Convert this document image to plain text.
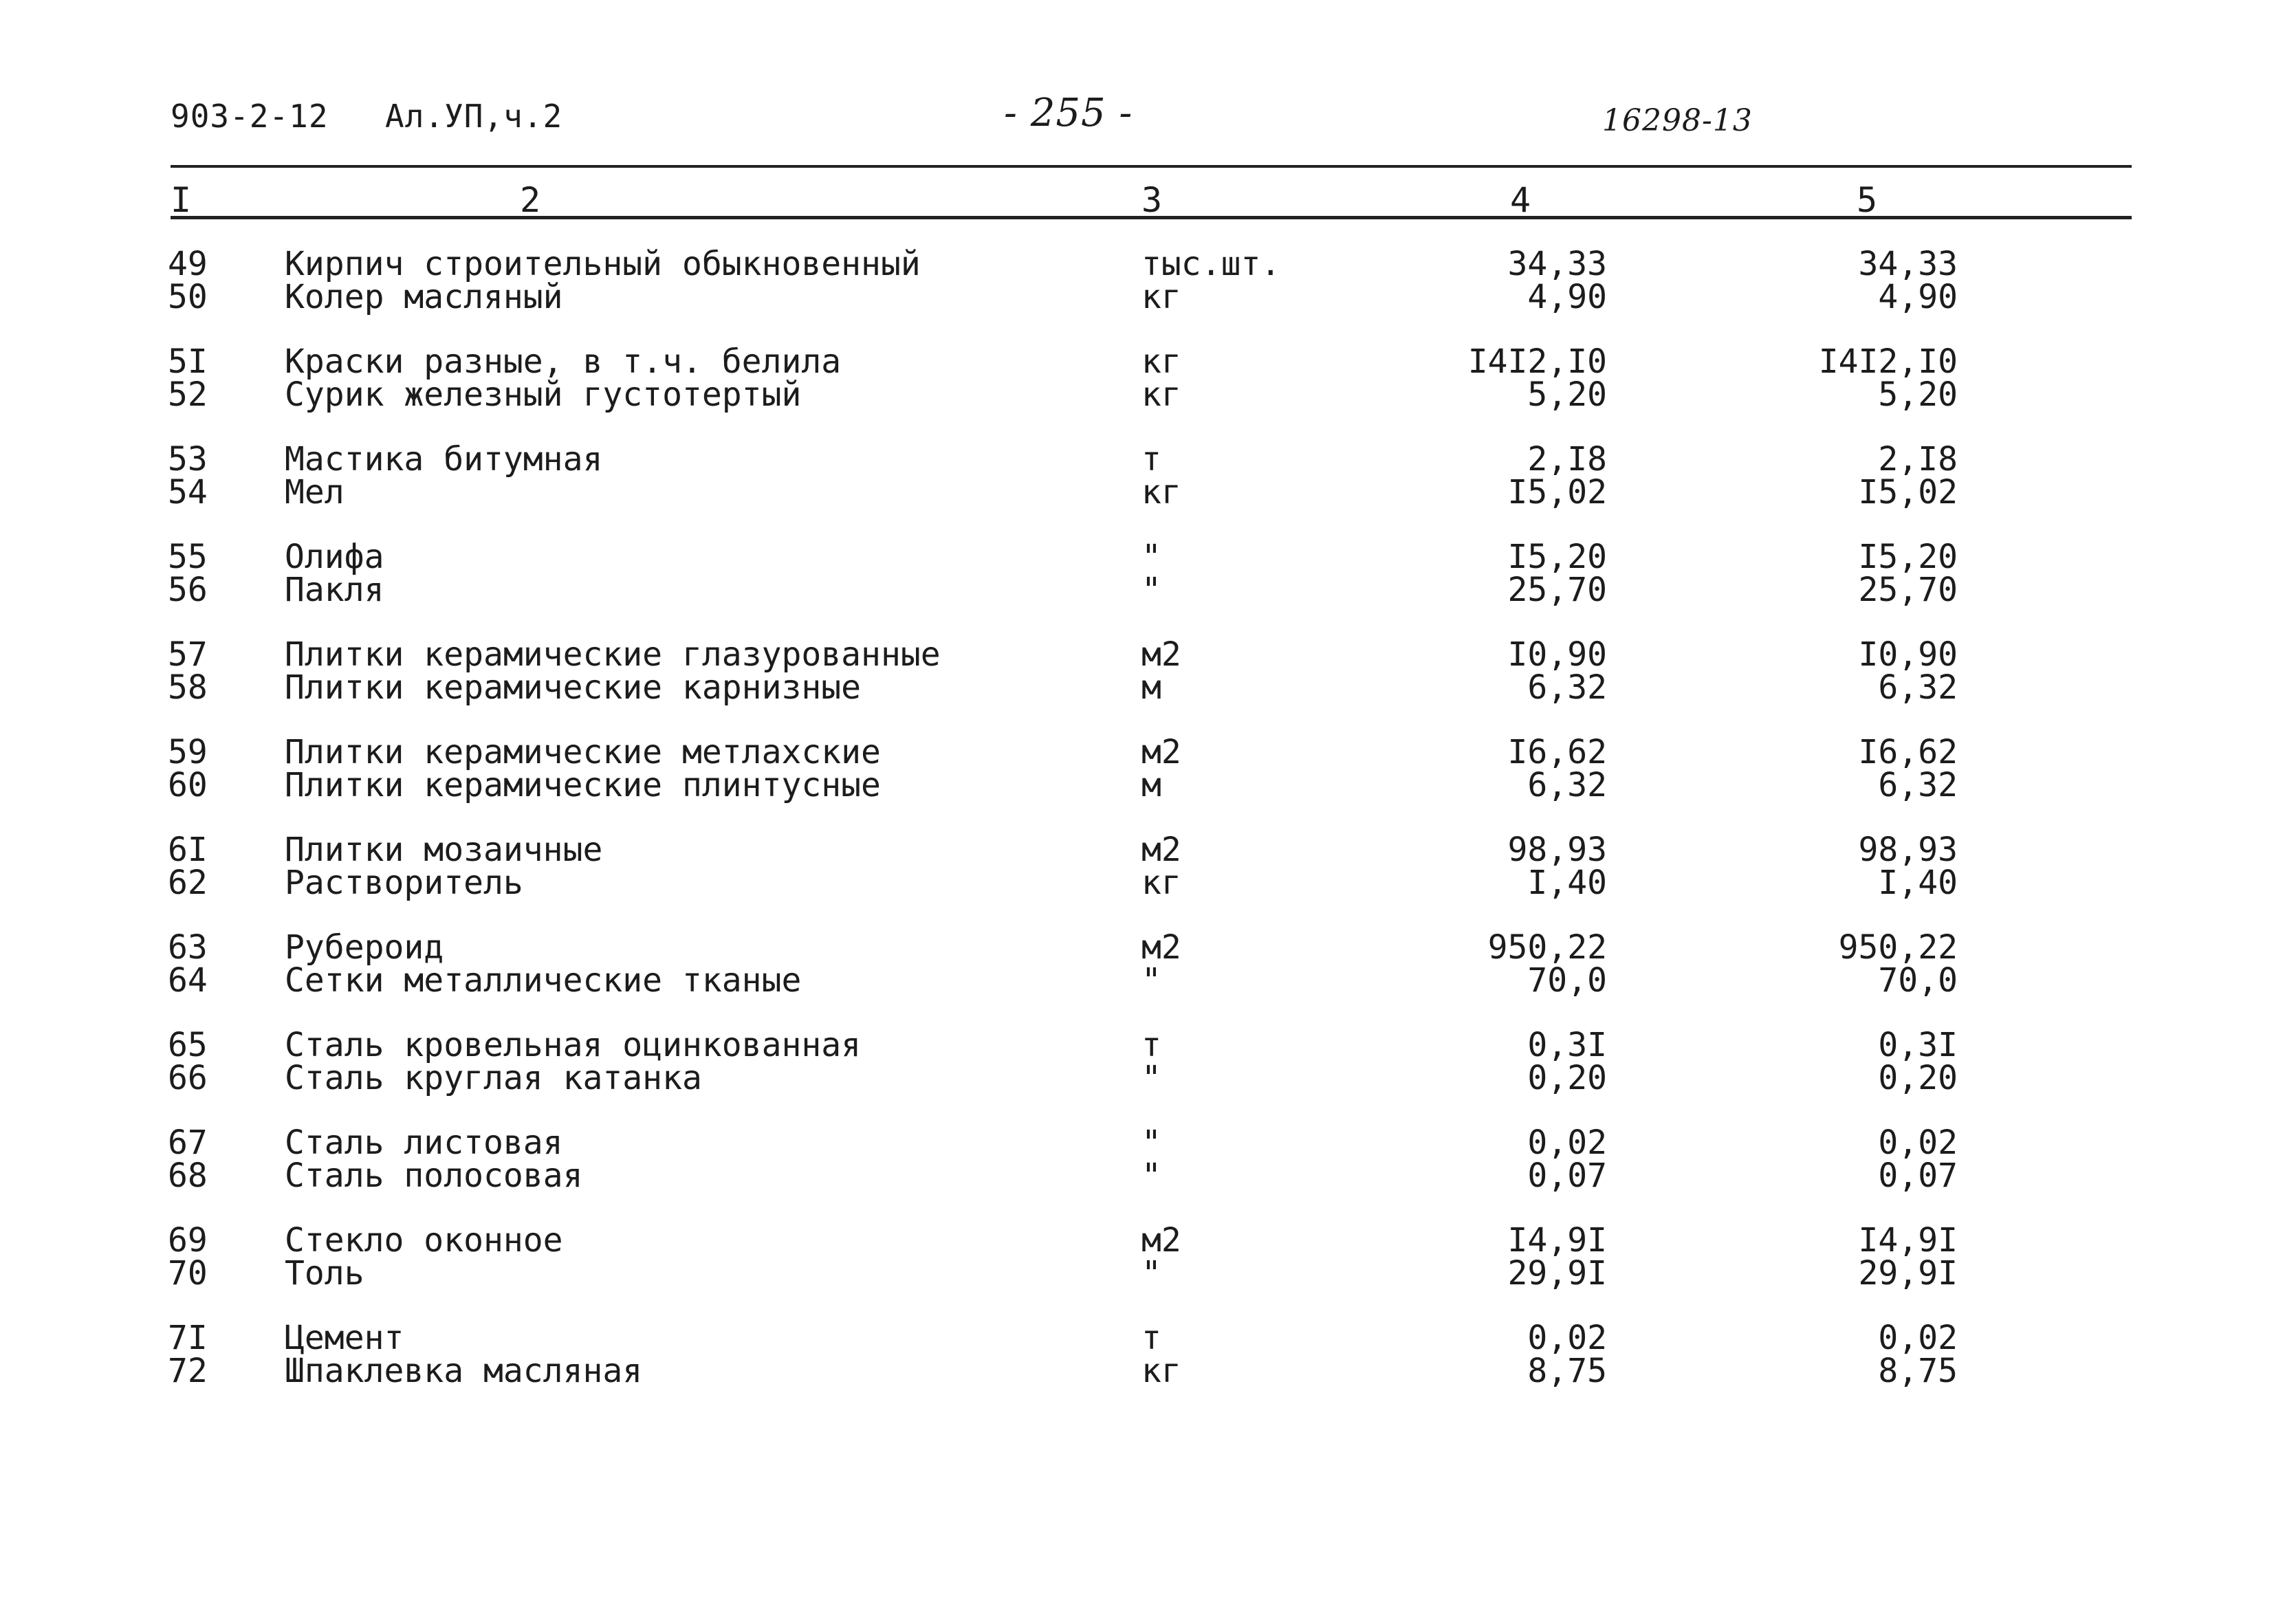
903-2-12 Ал.УП,ч.2	- 255 -	16298-13
I	2	3	4	5
49	Кирпич строительный обыкновенный	тыс.шт.	34,33	34,33
50	Колер масляный	кг	4,90	4,90
5I	Краски разные, в т.ч. белила	кг	I4I2,I0	I4I2,I0
52	Сурик железный густотертый	кг	5,20	5,20
53	Мастика битумная	т	2,I8	2,I8
54	Мел	кг	I5,02	I5,02
55	Олифа	"	I5,20	I5,20
56	Пакля	"	25,70	25,70
57	Плитки керамические глазурованные	м2	I0,90	I0,90
58	Плитки керамические карнизные	м	6,32	6,32
59	Плитки керамические метлахские	м2	I6,62	I6,62
60	Плитки керамические плинтусные	м	6,32	6,32
6I	Плитки мозаичные	м2	98,93	98,93
62	Растворитель	кг	I,40	I,40
63	Рубероид	м2	950,22	950,22
64	Сетки металлические тканые	"	70,0	70,0
65	Сталь кровельная оцинкованная	т	0,3I	0,3I
66	Сталь круглая катанка	"	0,20	0,20
67	Сталь листовая	"	0,02	0,02
68	Сталь полосовая	"	0,07	0,07
69	Стекло оконное	м2	I4,9I	I4,9I
70	Толь	"	29,9I	29,9I
7I	Цемент	т	0,02	0,02
72	Шпаклевка масляная	кг	8,75	8,75
